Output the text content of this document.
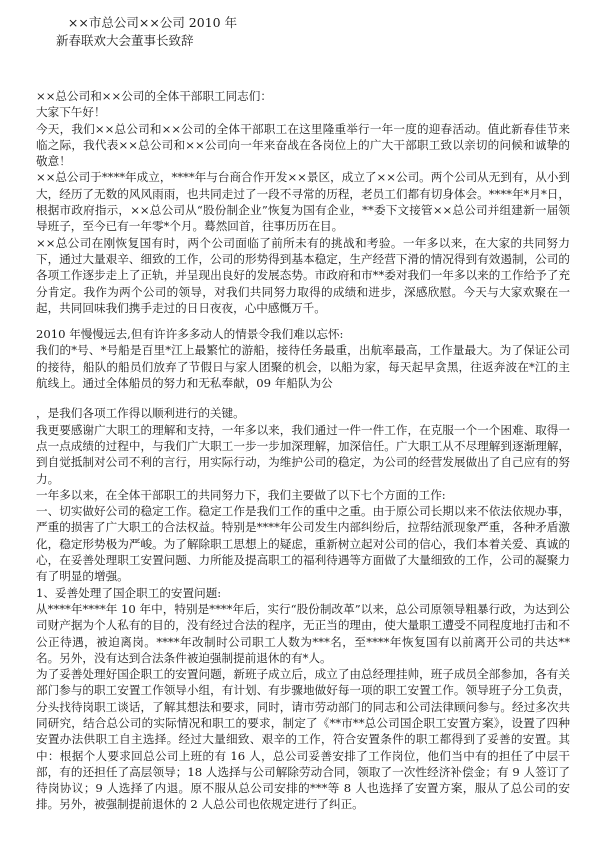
××市总公司××公司 2010 年
新春联欢大会董事长致辞

××总公司和××公司的全体干部职工同志们：

大家下午好！

今天，我们××总公司和××公司的全体干部职工在这里隆重举行一年一度的迎春活动。值此新春佳节来临之际，我代表××总公司和××公司向一年来奋战在各岗位上的广大干部职工致以亲切的问候和诚挚的敬意！

××总公司于****年成立，****年与台商合作开发××景区，成立了××公司。两个公司从无到有，从小到大，经历了无数的风风雨雨，也共同走过了一段不寻常的历程，老员工们都有切身体会。****年*月*日，根据市政府指示，××总公司从“股份制企业”恢复为国有企业，**委下文接管××总公司并组建新一届领导班子，至今已有一年零*个月。蓦然回首，往事历历在目。

××总公司在刚恢复国有时，两个公司面临了前所未有的挑战和考验。一年多以来，在大家的共同努力下，通过大量艰辛、细致的工作，公司的形势得到基本稳定，生产经营下滑的情况得到有效遏制，公司的各项工作逐步走上了正轨，并呈现出良好的发展态势。市政府和市**委对我们一年多以来的工作给予了充分肯定。我作为两个公司的领导，对我们共同努力取得的成绩和进步，深感欣慰。今天与大家欢聚在一起，共同回味我们携手走过的日日夜夜，心中感慨万千。

2010 年慢慢远去,但有许许多多动人的情景令我们难以忘怀:

我们的*号、*号船是百里*江上最繁忙的游船，接待任务最重，出航率最高，工作量最大。为了保证公司的接待，船队的船员们放弃了节假日与家人团聚的机会，以船为家，每天起早贪黑，往返奔波在*江的主航线上。通过全体船员的努力和无私奉献，09 年船队为公

，是我们各项工作得以顺利进行的关键。

我更要感谢广大职工的理解和支持，一年多以来，我们通过一件一件工作，在克服一个一个困难、取得一点一点成绩的过程中，与我们广大职工一步一步加深理解，加深信任。广大职工从不尽理解到逐渐理解，到自觉抵制对公司不利的言行，用实际行动，为维护公司的稳定，为公司的经营发展做出了自己应有的努力。

一年多以来，在全体干部职工的共同努力下，我们主要做了以下七个方面的工作:

一、切实做好公司的稳定工作。稳定工作是我们工作的重中之重。由于原公司长期以来不依法依规办事，严重的损害了广大职工的合法权益。特别是****年公司发生内部纠纷后，拉帮结派现象严重，各种矛盾激化，稳定形势极为严峻。为了解除职工思想上的疑虑，重新树立起对公司的信心，我们本着关爱、真诚的心，在妥善处理职工安置问题、力所能及提高职工的福利待遇等方面做了大量细致的工作，公司的凝聚力有了明显的增强。

1、妥善处理了国企职工的安置问题:

从****年****年 10 年中，特别是****年后，实行“股份制改革”以来，总公司原领导粗暴行政，为达到公司财产据为个人私有的目的，没有经过合法的程序，无正当的理由，使大量职工遭受不同程度地打击和不公正待遇，被迫离岗。****年改制时公司职工人数为***名，至****年恢复国有以前离开公司的共达**名。另外，没有达到合法条件被迫强制提前退休的有*人。

为了妥善处理好国企职工的安置问题，新班子成立后，成立了由总经理挂帅，班子成员全部参加，各有关部门参与的职工安置工作领导小组，有计划、有步骤地做好每一项的职工安置工作。领导班子分工负责，分头找待岗职工谈话，了解其想法和要求，同时，请市劳动部门的同志和公司法律顾问参与。经过多次共同研究，结合总公司的实际情况和职工的要求，制定了《**市**总公司国企职工安置方案》，设置了四种安置办法供职工自主选择。经过大量细致、艰辛的工作，符合安置条件的职工都得到了妥善的安置。其中：根据个人要求回总公司上班的有 16 人，总公司妥善安排了工作岗位，他们当中有的担任了中层干部，有的还担任了高层领导；18 人选择与公司解除劳动合同，领取了一次性经济补偿金；有 9 人签订了待岗协议；9 人选择了内退。原不服从总公司安排的***等 8 人也选择了安置方案，服从了总公司的安排。另外，被强制提前退休的 2 人总公司也依规定进行了纠正。
